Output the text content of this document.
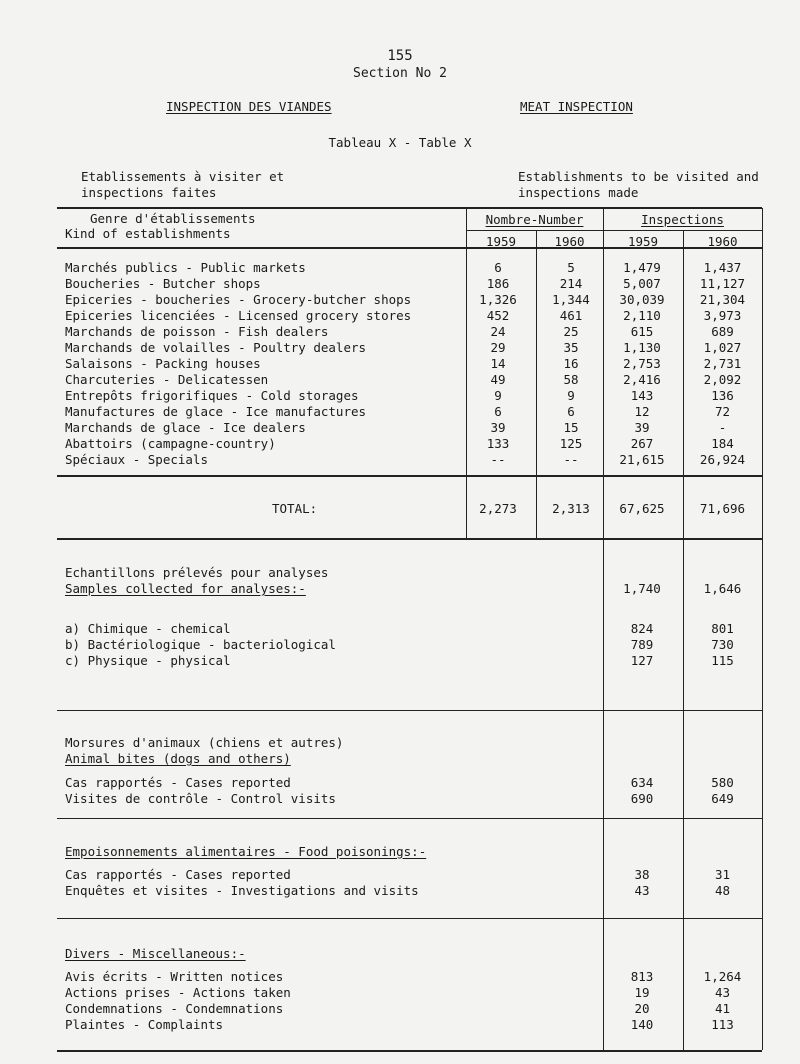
155
Section No 2
INSPECTION DES VIANDES	MEAT INSPECTION
Tableau X - Table X
Etablissements à visiter et
inspections faites
Establishments to be visited and
inspections made
Genre d'établissements
Kind of establishments
Nombre-Number	Inspections
1959	1960	1959	1960
Marchés publics - Public markets	6	5	1,479	1,437
Boucheries - Butcher shops	186	214	5,007	11,127
Epiceries - boucheries - Grocery-butcher shops	1,326	1,344	30,039	21,304
Epiceries licenciées - Licensed grocery stores	452	461	2,110	3,973
Marchands de poisson - Fish dealers	24	25	615	689
Marchands de volailles - Poultry dealers	29	35	1,130	1,027
Salaisons - Packing houses	14	16	2,753	2,731
Charcuteries - Delicatessen	49	58	2,416	2,092
Entrepôts frigorifiques - Cold storages	9	9	143	136
Manufactures de glace - Ice manufactures	6	6	12	72
Marchands de glace - Ice dealers	39	15	39	-
Abattoirs (campagne-country)	133	125	267	184
Spéciaux - Specials	--	--	21,615	26,924
TOTAL:	2,273	2,313	67,625	71,696
Echantillons prélevés pour analyses
Samples collected for analyses:-	1,740	1,646
a) Chimique - chemical	824	801
b) Bactériologique - bacteriological	789	730
c) Physique - physical	127	115
Morsures d'animaux (chiens et autres)
Animal bites (dogs and others)
Cas rapportés - Cases reported	634	580
Visites de contrôle - Control visits	690	649
Empoisonnements alimentaires - Food poisonings:-
Cas rapportés - Cases reported	38	31
Enquêtes et visites - Investigations and visits	43	48
Divers - Miscellaneous:-
Avis écrits - Written notices	813	1,264
Actions prises - Actions taken	19	43
Condemnations - Condemnations	20	41
Plaintes - Complaints	140	113
